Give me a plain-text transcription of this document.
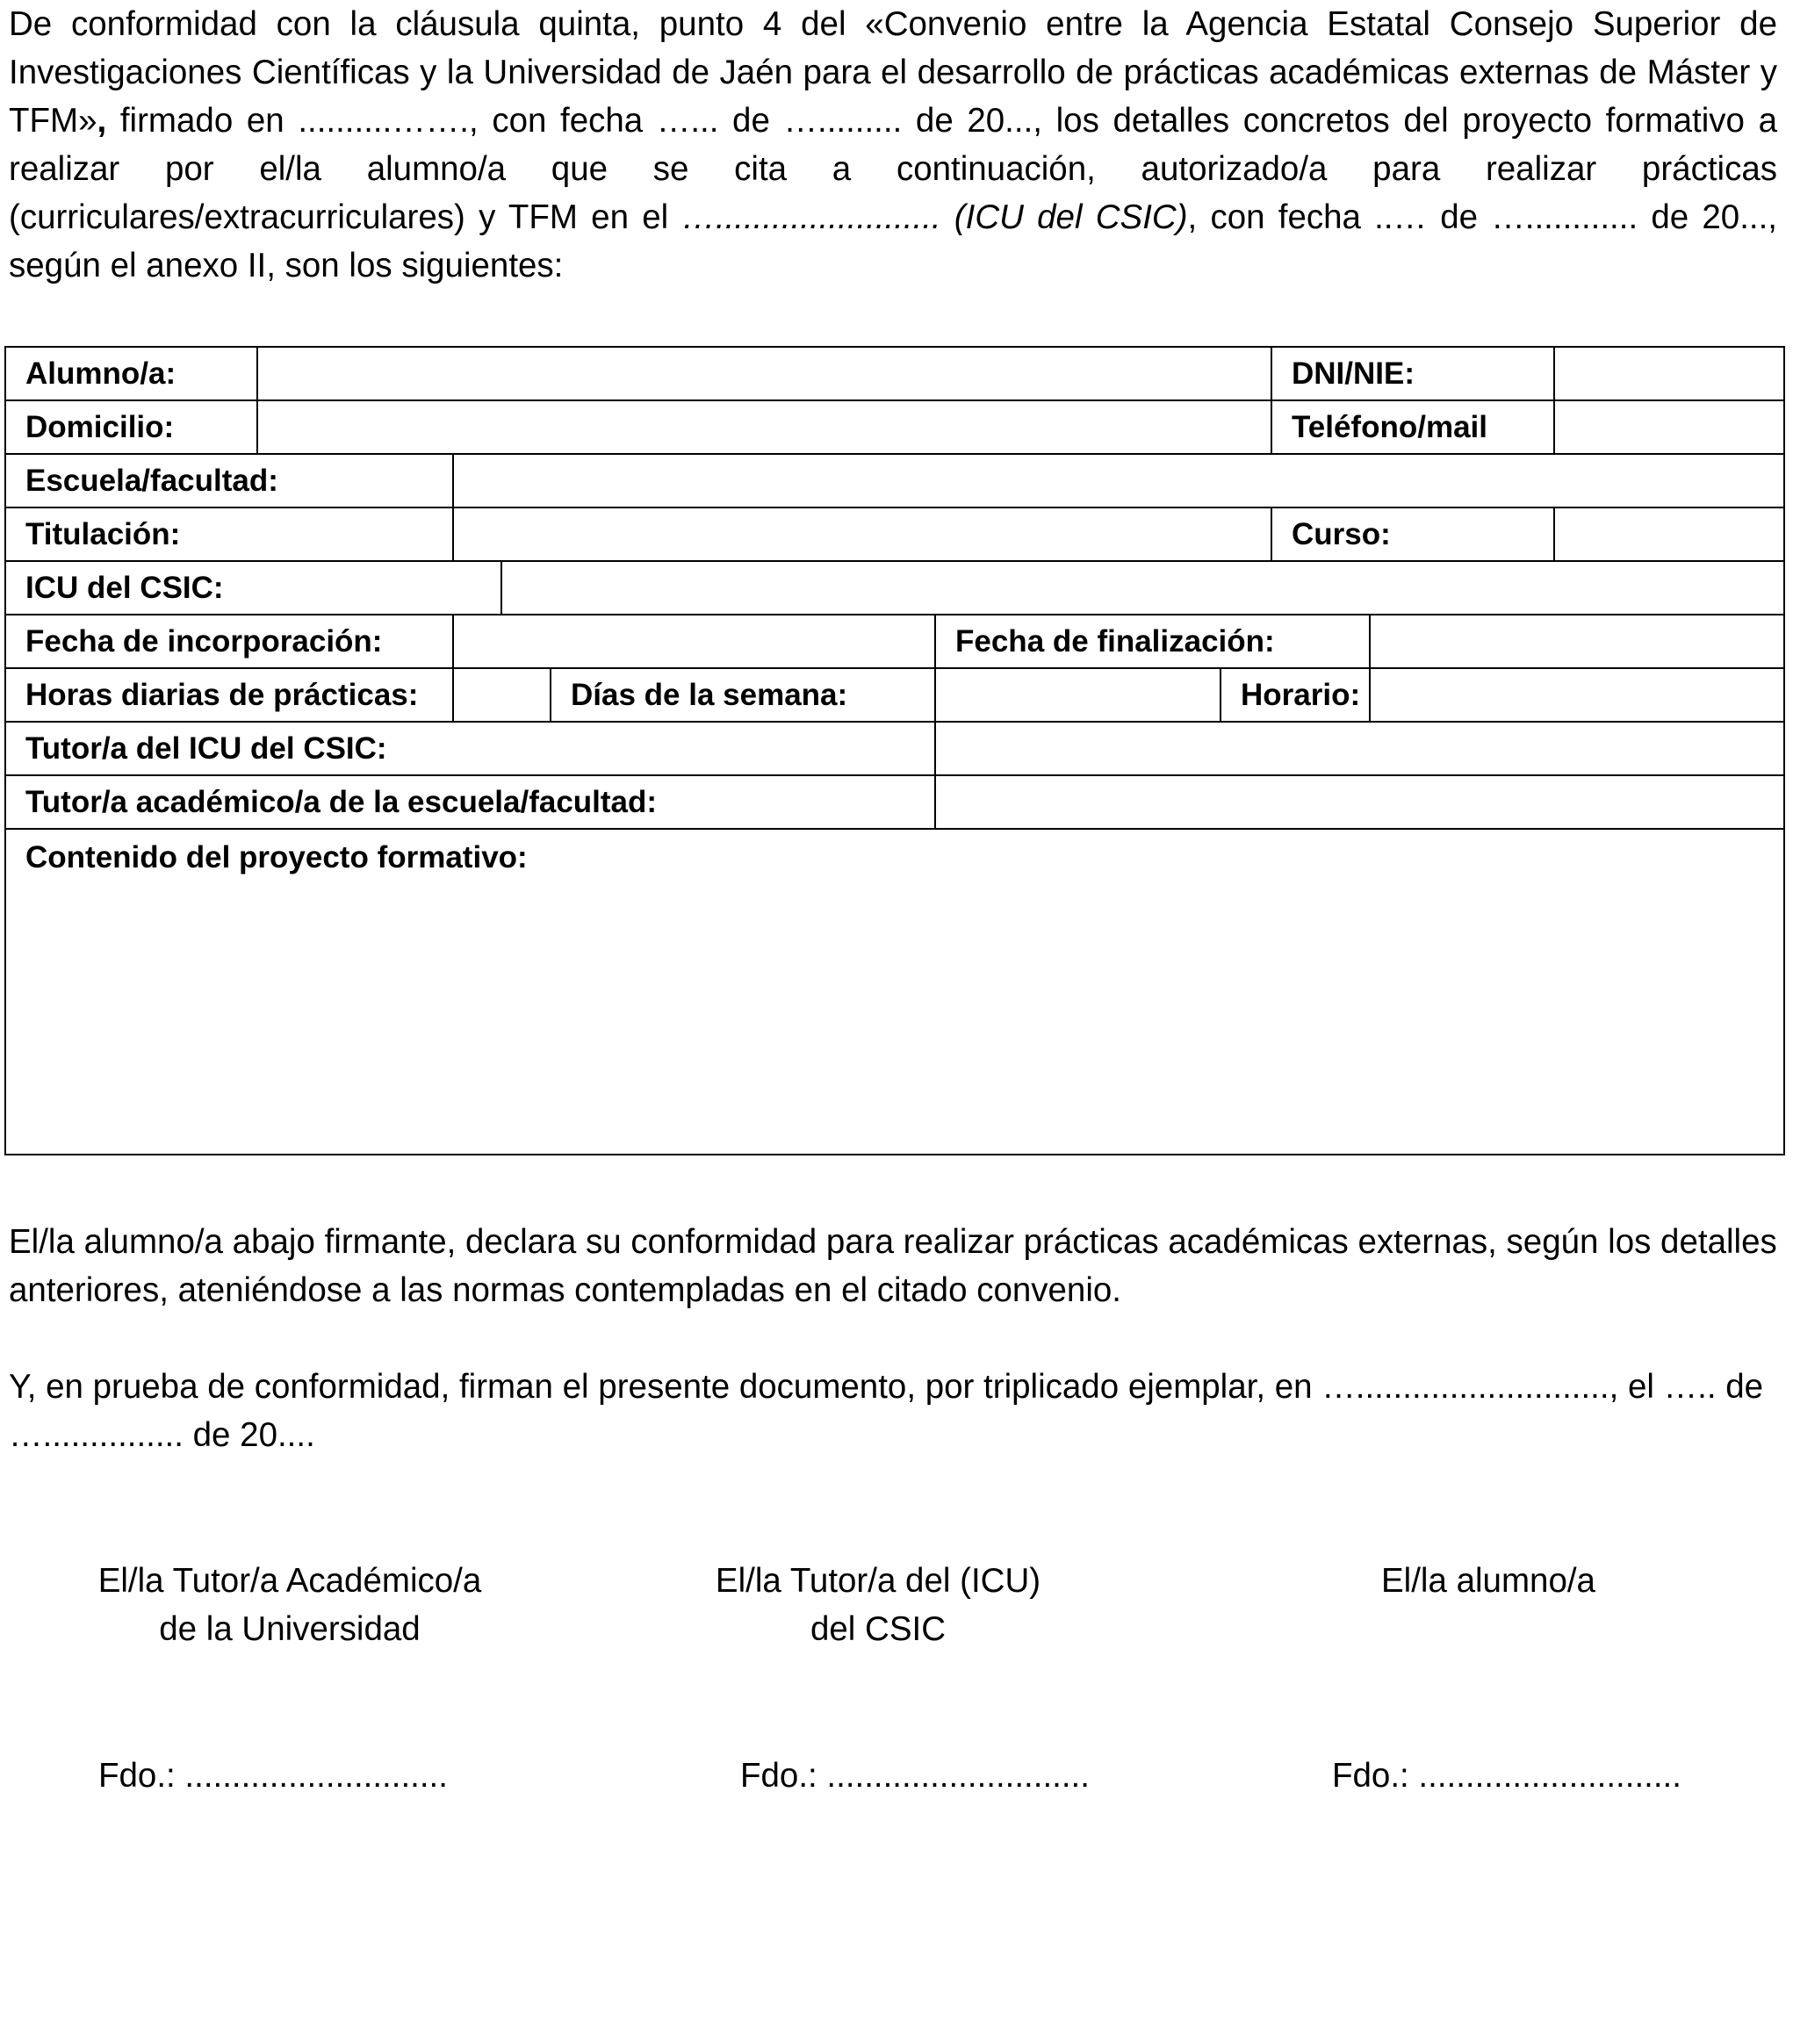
De conformidad con la cláusula quinta, punto 4 del «Convenio entre la Agencia Estatal Consejo Superior de Investigaciones Científicas y la Universidad de Jaén para el desarrollo de prácticas académicas externas de Máster y TFM», firmado en ..........……., con fecha …... de …......... de 20..., los detalles concretos del proyecto formativo a realizar por el/la alumno/a que se cita a continuación, autorizado/a para realizar prácticas (curriculares/extracurriculares) y TFM en el …........................ (ICU del CSIC), con fecha ..… de …............ de 20..., según el anexo II, son los siguientes:

Alumno/a:							DNI/NIE:		
Domicilio:							Teléfono/mail		
Escuela/facultad:									
Titulación:							Curso:		
ICU del CSIC:									
Fecha de incorporación:					Fecha de finalización:				
Horas diarias de prácticas:				Días de la semana:		Horario:			
Tutor/a del ICU del CSIC:									
Tutor/a académico/a de la escuela/facultad:									
Contenido del proyecto formativo:									

El/la alumno/a abajo firmante, declara su conformidad para realizar prácticas académicas externas, según los detalles anteriores, ateniéndose a las normas contempladas en el citado convenio.

Y, en prueba de conformidad, firman el presente documento, por triplicado ejemplar, en …..........................., el ….. de …............... de 20....

El/la Tutor/a Académico/a
de la Universidad
El/la Tutor/a del (ICU)
del CSIC
El/la alumno/a

Fdo.: ............................	Fdo.: ............................	Fdo.: ............................
